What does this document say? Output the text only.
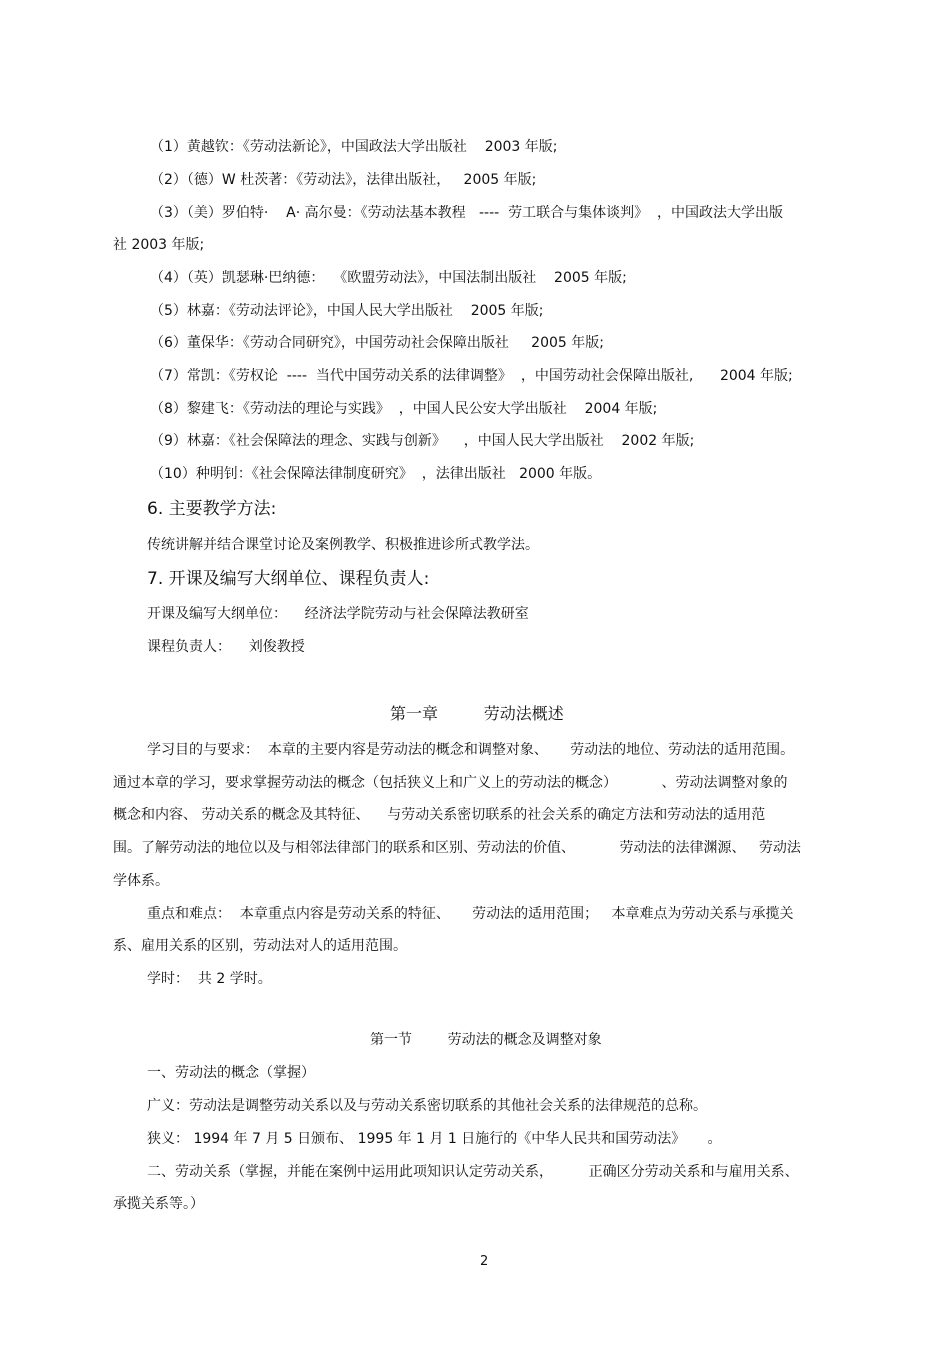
（1）黄越钦：《劳动法新论》，中国政法大学出版社    2003 年版;
（2）（德）W 杜茨著：《劳动法》，法律出版社，   2005 年版;
（3）（美）罗伯特·    A· 高尔曼：《劳动法基本教程   ----  劳工联合与集体谈判》  ，中国政法大学出版
社 2003 年版;
（4）（英）凯瑟琳·巴纳德：  《欧盟劳动法》，中国法制出版社    2005 年版;
（5）林嘉：《劳动法评论》，中国人民大学出版社    2005 年版;
（6）董保华：《劳动合同研究》，中国劳动社会保障出版社     2005 年版;
（7）常凯：《劳权论  ----  当代中国劳动关系的法律调整》  ，中国劳动社会保障出版社,      2004 年版;
（8）黎建飞：《劳动法的理论与实践》  ，中国人民公安大学出版社    2004 年版;
（9）林嘉：《社会保障法的理念、实践与创新》    ，中国人民大学出版社    2002 年版;
（10）种明钊：《社会保障法律制度研究》  ，法律出版社   2000 年版。
6. 主要教学方法:
传统讲解并结合课堂讨论及案例教学、积极推进诊所式教学法。
7. 开课及编写大纲单位、课程负责人:
开课及编写大纲单位：    经济法学院劳动与社会保障法教研室
课程负责人：    刘俊教授
第一章         劳动法概述
学习目的与要求：  本章的主要内容是劳动法的概念和调整对象、     劳动法的地位、劳动法的适用范围。
通过本章的学习，要求掌握劳动法的概念（包括狭义上和广义上的劳动法的概念）          、劳动法调整对象的
概念和内容、 劳动关系的概念及其特征、    与劳动关系密切联系的社会关系的确定方法和劳动法的适用范
围。了解劳动法的地位以及与相邻法律部门的联系和区别、劳动法的价值、          劳动法的法律渊源、   劳动法
学体系。
重点和难点：  本章重点内容是劳动关系的特征、     劳动法的适用范围；   本章难点为劳动关系与承揽关
系、雇用关系的区别，劳动法对人的适用范围。
学时：  共 2 学时。
第一节        劳动法的概念及调整对象
一、劳动法的概念（掌握）
广义：劳动法是调整劳动关系以及与劳动关系密切联系的其他社会关系的法律规范的总称。
狭义： 1994 年 7 月 5 日颁布、 1995 年 1 月 1 日施行的《中华人民共和国劳动法》     。
二、劳动关系（掌握，并能在案例中运用此项知识认定劳动关系，        正确区分劳动关系和与雇用关系、
承揽关系等。）
2
